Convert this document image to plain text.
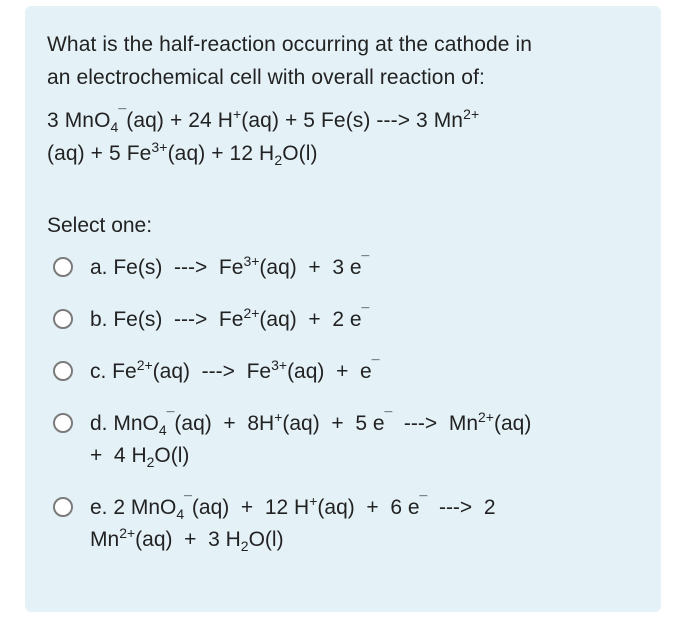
What is the half-reaction occurring at the cathode in

an electrochemical cell with overall reaction of:

3 MnO$_4$¯(aq) + 24 H+(aq) + 5 Fe(s) ---> 3 $Mn^{2+}$

(aq) + 5 $Fe^{3+}(aq) + 12$ $H_2O(l)$

Select one:
a. Fe(s)  --->  $Fe^{3+}(aq) + 3$ e¯
b. Fe(s)  --->  $Fe^{2+}(aq) + 2$ e¯
c. $Fe^{2+}(aq)$  --->  $Fe^{3+}(aq) + e^¯$
d. MnO$_4$¯(aq)  +  8H+(aq)  +  5 e¯  --->  $Mn^{2+}(aq)$
+  4 $H_2O(l)$
e. 2 MnO$_4$¯(aq)  +  12 H+(aq)  +  6 e¯  --->  2
$Mn^{2+}(aq) + 3$ $H_2O(l)$
